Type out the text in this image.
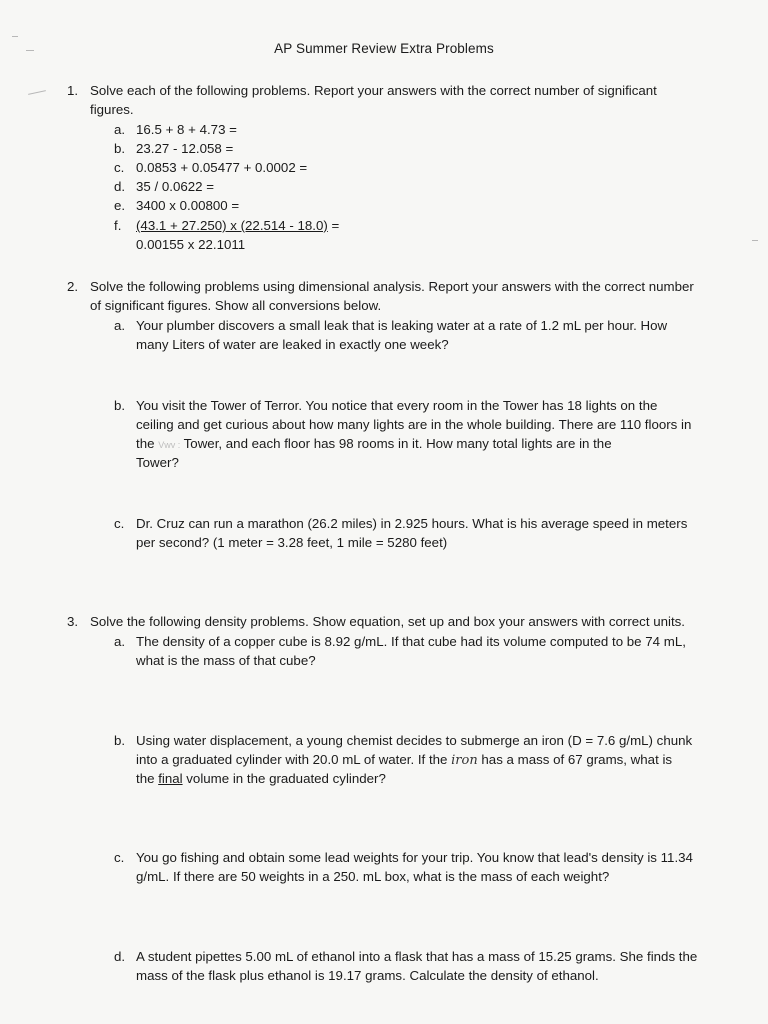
AP Summer Review Extra Problems
1. Solve each of the following problems. Report your answers with the correct number of significant
figures.
a. 16.5 + 8 + 4.73 =
b. 23.27 - 12.058 =
c. 0.0853 + 0.05477 + 0.0002 =
d. 35 / 0.0622 =
e. 3400 x 0.00800 =
f. (43.1 + 27.250) x (22.514 - 18.0) =
0.00155 x 22.1011
2. Solve the following problems using dimensional analysis. Report your answers with the correct number
of significant figures. Show all conversions below.
a. Your plumber discovers a small leak that is leaking water at a rate of 1.2 mL per hour. How
many Liters of water are leaked in exactly one week?
b. You visit the Tower of Terror. You notice that every room in the Tower has 18 lights on the
ceiling and get curious about how many lights are in the whole building. There are 110 floors in
the Vwv : Tower, and each floor has 98 rooms in it. How many total lights are in the
Tower?
c. Dr. Cruz can run a marathon (26.2 miles) in 2.925 hours. What is his average speed in meters
per second? (1 meter = 3.28 feet, 1 mile = 5280 feet)
3. Solve the following density problems. Show equation, set up and box your answers with correct units.
a. The density of a copper cube is 8.92 g/mL. If that cube had its volume computed to be 74 mL,
what is the mass of that cube?
b. Using water displacement, a young chemist decides to submerge an iron (D = 7.6 g/mL) chunk
into a graduated cylinder with 20.0 mL of water. If the iron has a mass of 67 grams, what is
the final volume in the graduated cylinder?
c. You go fishing and obtain some lead weights for your trip. You know that lead's density is 11.34
g/mL. If there are 50 weights in a 250. mL box, what is the mass of each weight?
d. A student pipettes 5.00 mL of ethanol into a flask that has a mass of 15.25 grams. She finds the
mass of the flask plus ethanol is 19.17 grams. Calculate the density of ethanol.
